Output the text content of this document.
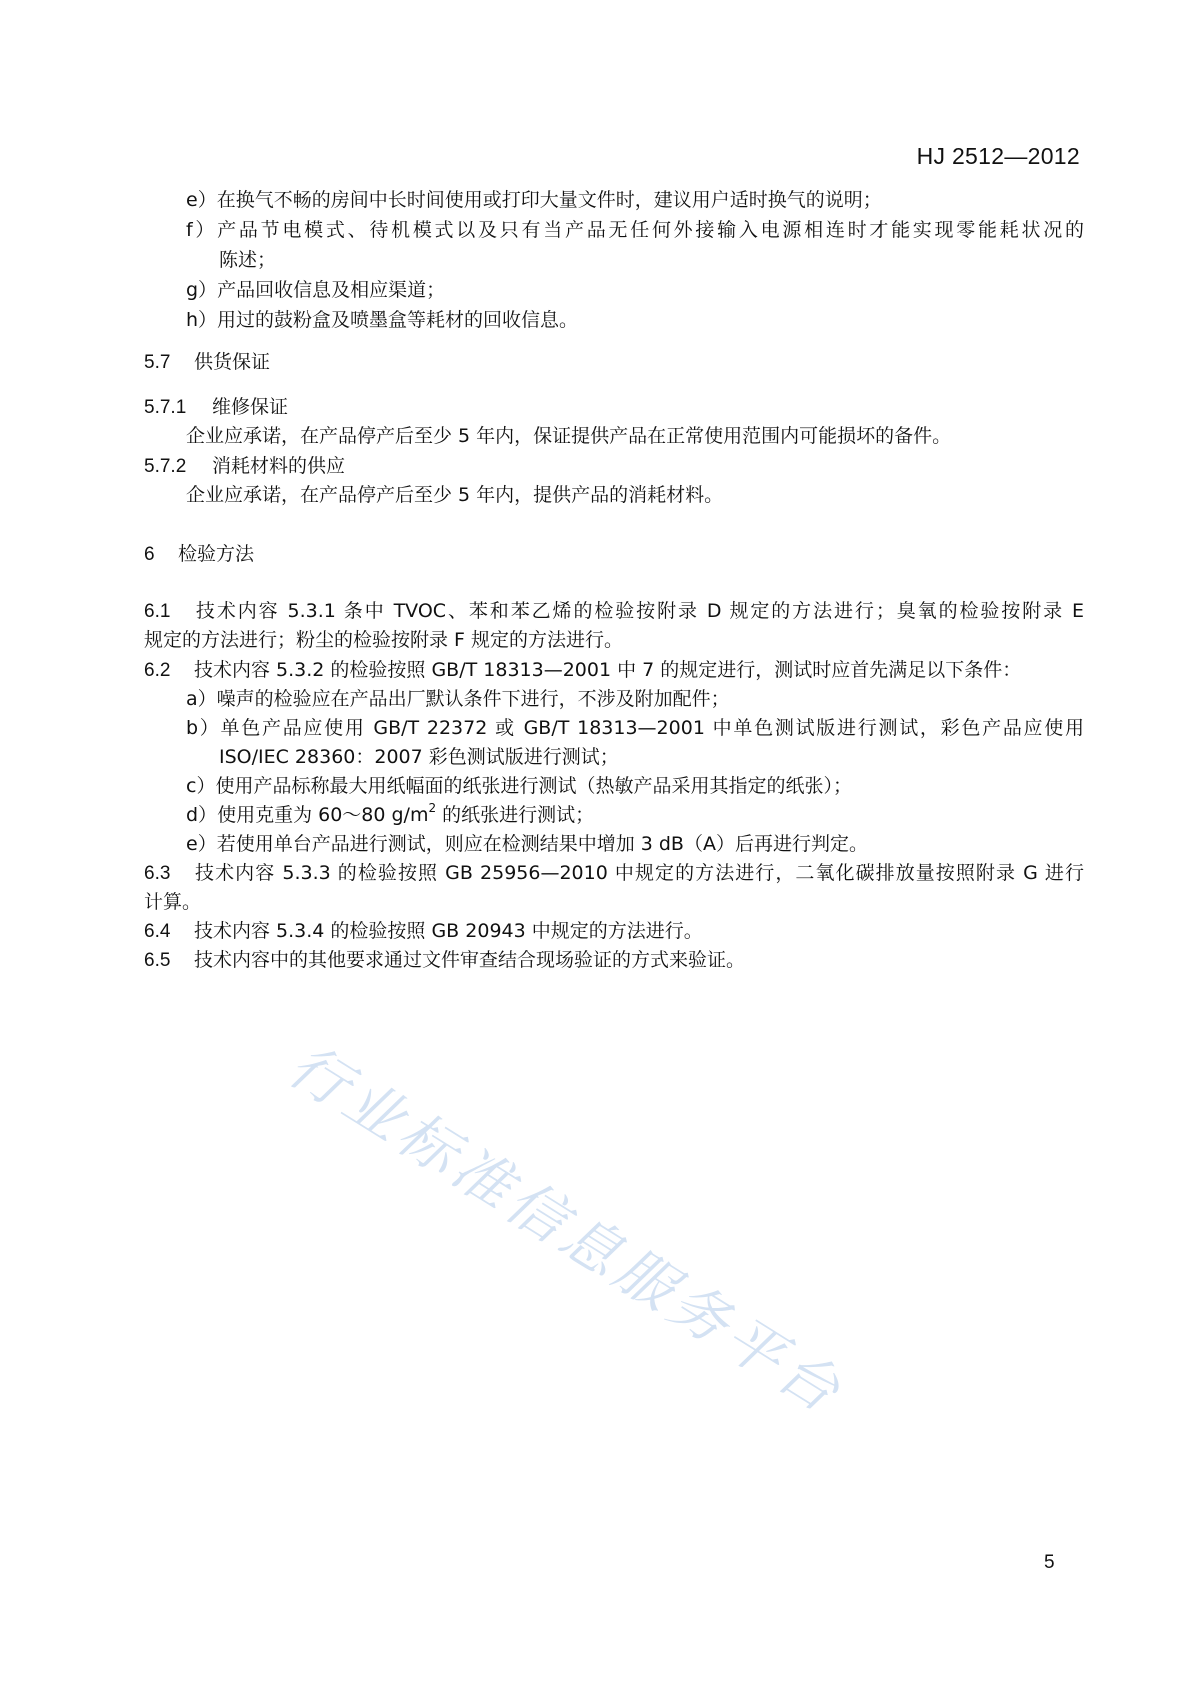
HJ 2512—2012
e）在换气不畅的房间中长时间使用或打印大量文件时，建议用户适时换气的说明；
f）产品节电模式、待机模式以及只有当产品无任何外接输入电源相连时才能实现零能耗状况的
陈述；
g）产品回收信息及相应渠道；
h）用过的鼓粉盒及喷墨盒等耗材的回收信息。
5.7 供货保证
5.7.1 维修保证
企业应承诺，在产品停产后至少 5 年内，保证提供产品在正常使用范围内可能损坏的备件。
5.7.2 消耗材料的供应
企业应承诺，在产品停产后至少 5 年内，提供产品的消耗材料。
6 检验方法
6.1 技术内容 5.3.1 条中 TVOC、苯和苯乙烯的检验按附录 D 规定的方法进行；臭氧的检验按附录 E
规定的方法进行；粉尘的检验按附录 F 规定的方法进行。
6.2 技术内容 5.3.2 的检验按照 GB/T 18313—2001 中 7 的规定进行，测试时应首先满足以下条件：
a）噪声的检验应在产品出厂默认条件下进行，不涉及附加配件；
b）单色产品应使用 GB/T 22372 或 GB/T 18313—2001 中单色测试版进行测试，彩色产品应使用
ISO/IEC 28360：2007 彩色测试版进行测试；
c）使用产品标称最大用纸幅面的纸张进行测试（热敏产品采用其指定的纸张）；
d）使用克重为 60～80 $g/m^2$ 的纸张进行测试；
e）若使用单台产品进行测试，则应在检测结果中增加 3 dB（A）后再进行判定。
6.3 技术内容 5.3.3 的检验按照 GB 25956—2010 中规定的方法进行，二氧化碳排放量按照附录 G 进行
计算。
6.4 技术内容 5.3.4 的检验按照 GB 20943 中规定的方法进行。
6.5 技术内容中的其他要求通过文件审查结合现场验证的方式来验证。
行业标准信息服务平台
5
